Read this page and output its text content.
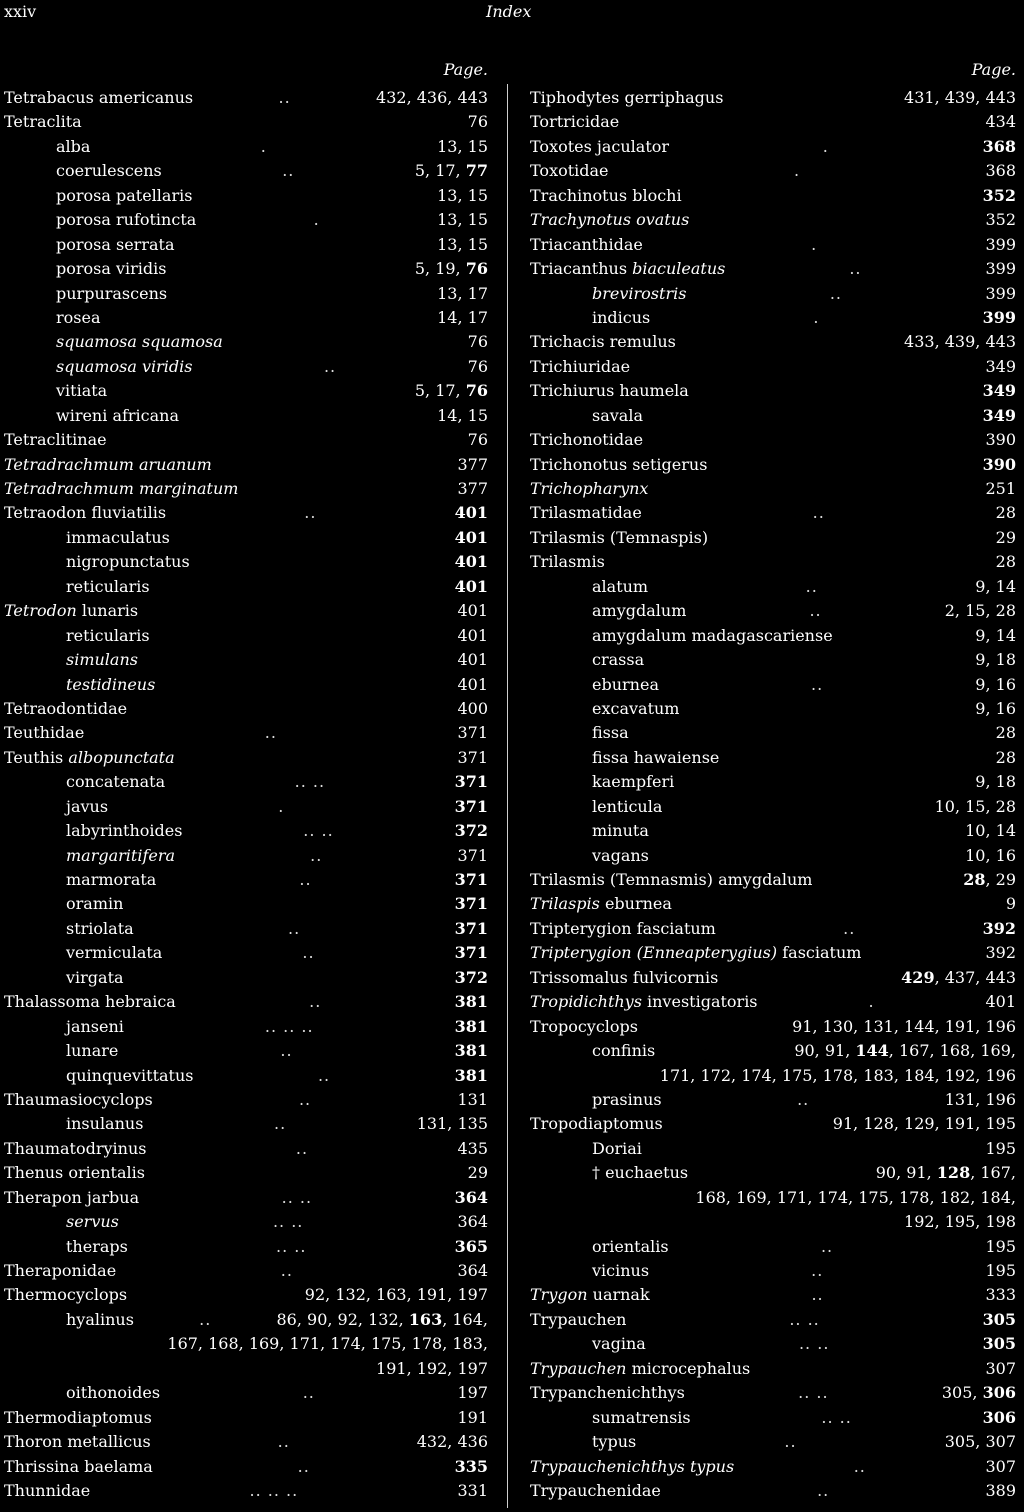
xxiv	Index
Page.
Tetrabacus americanus	..	432, 436, 443
Tetraclita	76
alba	.	13, 15
coerulescens	..	5, 17, 77
porosa patellaris	13, 15
porosa rufotincta	.	13, 15
porosa serrata	13, 15
porosa viridis	5, 19, 76
purpurascens	13, 17
rosea	14, 17
squamosa squamosa	76
squamosa viridis	..	76
vitiata	5, 17, 76
wireni africana	14, 15
Tetraclitinae	76
Tetradrachmum aruanum	377
Tetradrachmum marginatum	377
Tetraodon fluviatilis	..	401
immaculatus	401
nigropunctatus	401
reticularis	401
Tetrodon lunaris	401
reticularis	401
simulans	401
testidineus	401
Tetraodontidae	400
Teuthidae	..	371
Teuthis albopunctata	371
concatenata	.. ..	371
javus	.	371
labyrinthoides	.. ..	372
margaritifera	..	371
marmorata	..	371
oramin	371
striolata	..	371
vermiculata	..	371
virgata	372
Thalassoma hebraica	..	381
janseni	.. .. ..	381
lunare	..	381
quinquevittatus	..	381
Thaumasiocyclops	..	131
insulanus	..	131, 135
Thaumatodryinus	..	435
Thenus orientalis	29
Therapon jarbua	.. ..	364
servus	.. ..	364
theraps	.. ..	365
Theraponidae	..	364
Thermocyclops	92, 132, 163, 191, 197
hyalinus	..	86, 90, 92, 132, 163, 164,
167, 168, 169, 171, 174, 175, 178, 183,
191, 192, 197
oithonoides	..	197
Thermodiaptomus	191
Thoron metallicus	..	432, 436
Thrissina baelama	..	335
Thunnidae	.. .. ..	331
Page.
Tiphodytes gerriphagus	431, 439, 443
Tortricidae	434
Toxotes jaculator	.	368
Toxotidae	.	368
Trachinotus blochi	352
Trachynotus ovatus	352
Triacanthidae	.	399
Triacanthus biaculeatus	..	399
brevirostris	..	399
indicus	.	399
Trichacis remulus	433, 439, 443
Trichiuridae	349
Trichiurus haumela	349
savala	349
Trichonotidae	390
Trichonotus setigerus	390
Trichopharynx	251
Trilasmatidae	..	28
Trilasmis (Temnaspis)	29
Trilasmis	28
alatum	..	9, 14
amygdalum	..	2, 15, 28
amygdalum madagascariense	9, 14
crassa	9, 18
eburnea	..	9, 16
excavatum	9, 16
fissa	28
fissa hawaiense	28
kaempferi	9, 18
lenticula	10, 15, 28
minuta	10, 14
vagans	10, 16
Trilasmis (Temnasmis) amygdalum	28, 29
Trilaspis eburnea	9
Tripterygion fasciatum	..	392
Tripterygion (Enneapterygius) fasciatum	392
Trissomalus fulvicornis	429, 437, 443
Tropidichthys investigatoris	.	401
Tropocyclops	91, 130, 131, 144, 191, 196
confinis	90, 91, 144, 167, 168, 169,
171, 172, 174, 175, 178, 183, 184, 192, 196
prasinus	..	131, 196
Tropodiaptomus	91, 128, 129, 191, 195
Doriai	195
† euchaetus	90, 91, 128, 167,
168, 169, 171, 174, 175, 178, 182, 184,
192, 195, 198
orientalis	..	195
vicinus	..	195
Trygon uarnak	..	333
Trypauchen	.. ..	305
vagina	.. ..	305
Trypauchen microcephalus	307
Trypanchenichthys	.. ..	305, 306
sumatrensis	.. ..	306
typus	..	305, 307
Trypauchenichthys typus	..	307
Trypauchenidae	..	389
